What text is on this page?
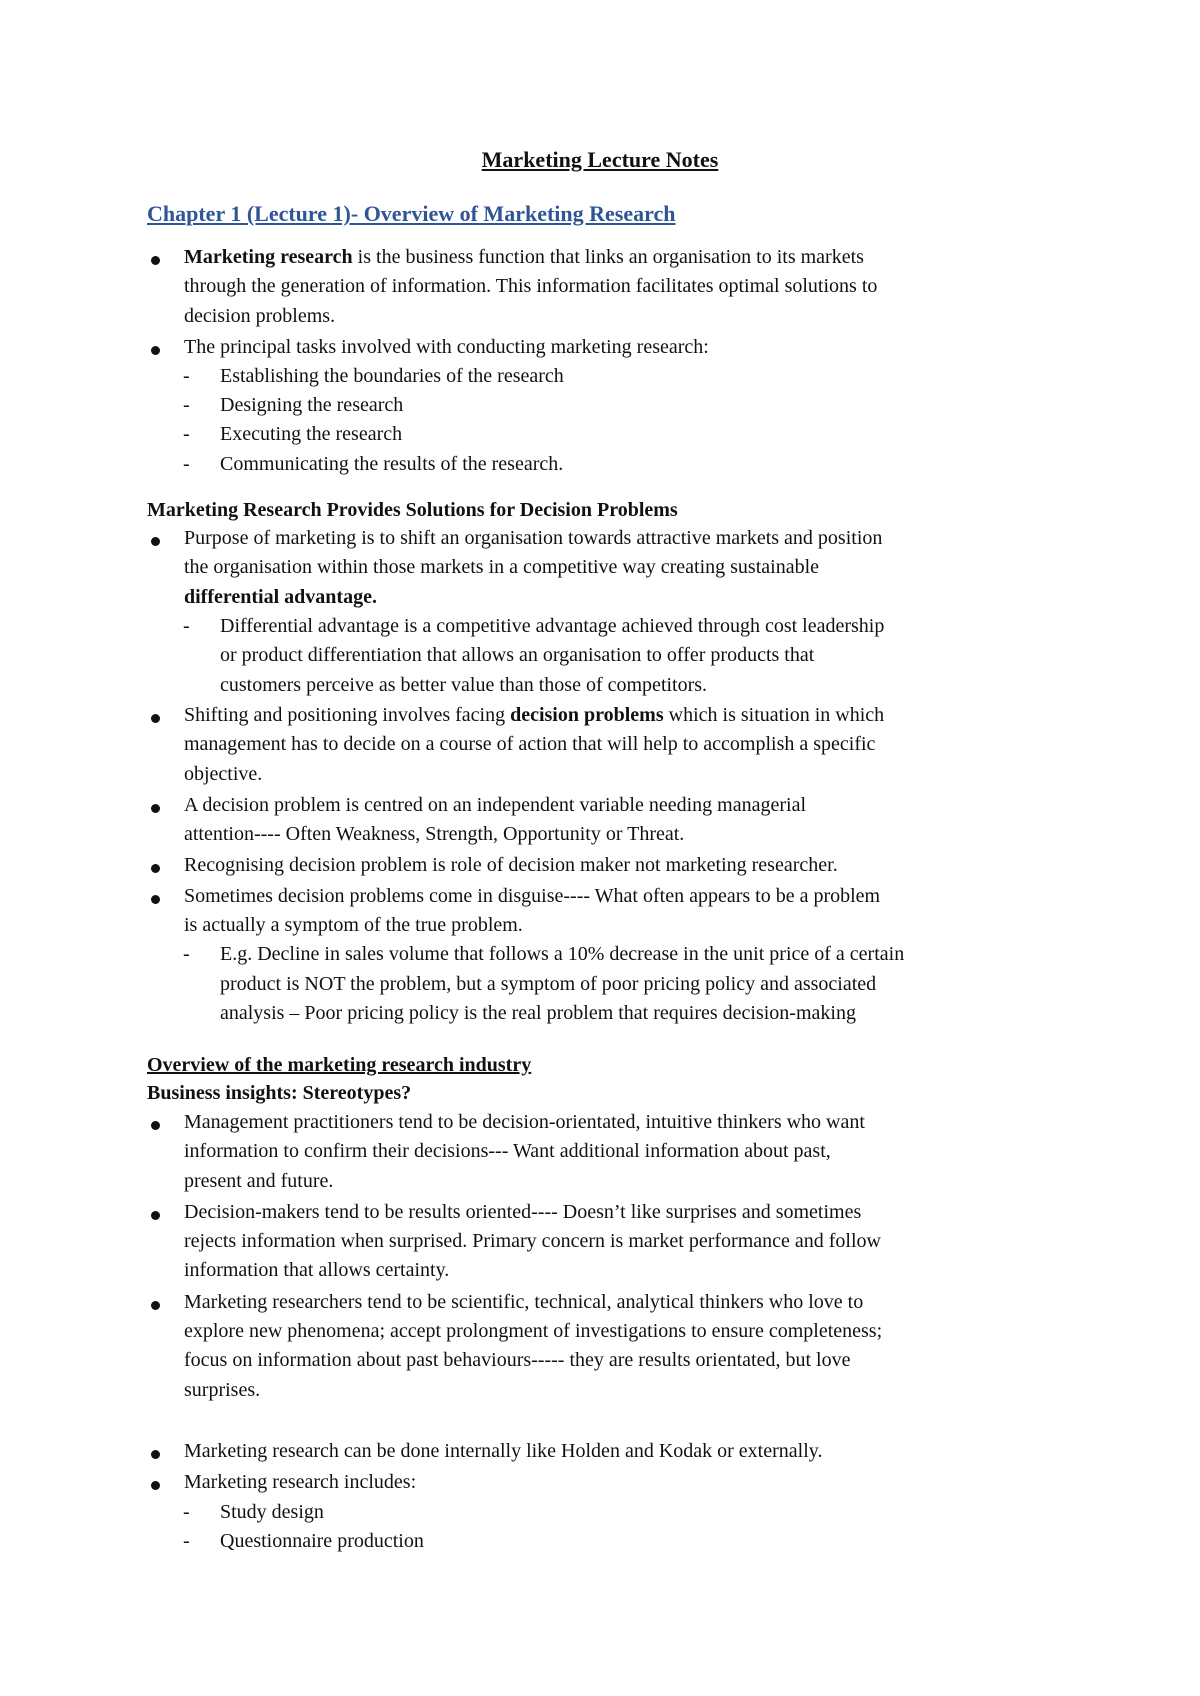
Marketing Lecture Notes
Chapter 1 (Lecture 1)- Overview of Marketing Research
Marketing research is the business function that links an organisation to its markets
through the generation of information. This information facilitates optimal solutions to
decision problems.
The principal tasks involved with conducting marketing research:
- Establishing the boundaries of the research
- Designing the research
- Executing the research
- Communicating the results of the research.
Marketing Research Provides Solutions for Decision Problems
Purpose of marketing is to shift an organisation towards attractive markets and position
the organisation within those markets in a competitive way creating sustainable
differential advantage.
- Differential advantage is a competitive advantage achieved through cost leadership
or product differentiation that allows an organisation to offer products that
customers perceive as better value than those of competitors.
Shifting and positioning involves facing decision problems which is situation in which
management has to decide on a course of action that will help to accomplish a specific
objective.
A decision problem is centred on an independent variable needing managerial
attention---- Often Weakness, Strength, Opportunity or Threat.
Recognising decision problem is role of decision maker not marketing researcher.
Sometimes decision problems come in disguise---- What often appears to be a problem
is actually a symptom of the true problem.
- E.g. Decline in sales volume that follows a 10% decrease in the unit price of a certain
product is NOT the problem, but a symptom of poor pricing policy and associated
analysis – Poor pricing policy is the real problem that requires decision-making
Overview of the marketing research industry
Business insights: Stereotypes?
Management practitioners tend to be decision-orientated, intuitive thinkers who want
information to confirm their decisions--- Want additional information about past,
present and future.
Decision-makers tend to be results oriented---- Doesn’t like surprises and sometimes
rejects information when surprised. Primary concern is market performance and follow
information that allows certainty.
Marketing researchers tend to be scientific, technical, analytical thinkers who love to
explore new phenomena; accept prolongment of investigations to ensure completeness;
focus on information about past behaviours----- they are results orientated, but love
surprises.
Marketing research can be done internally like Holden and Kodak or externally.
Marketing research includes:
- Study design
- Questionnaire production
